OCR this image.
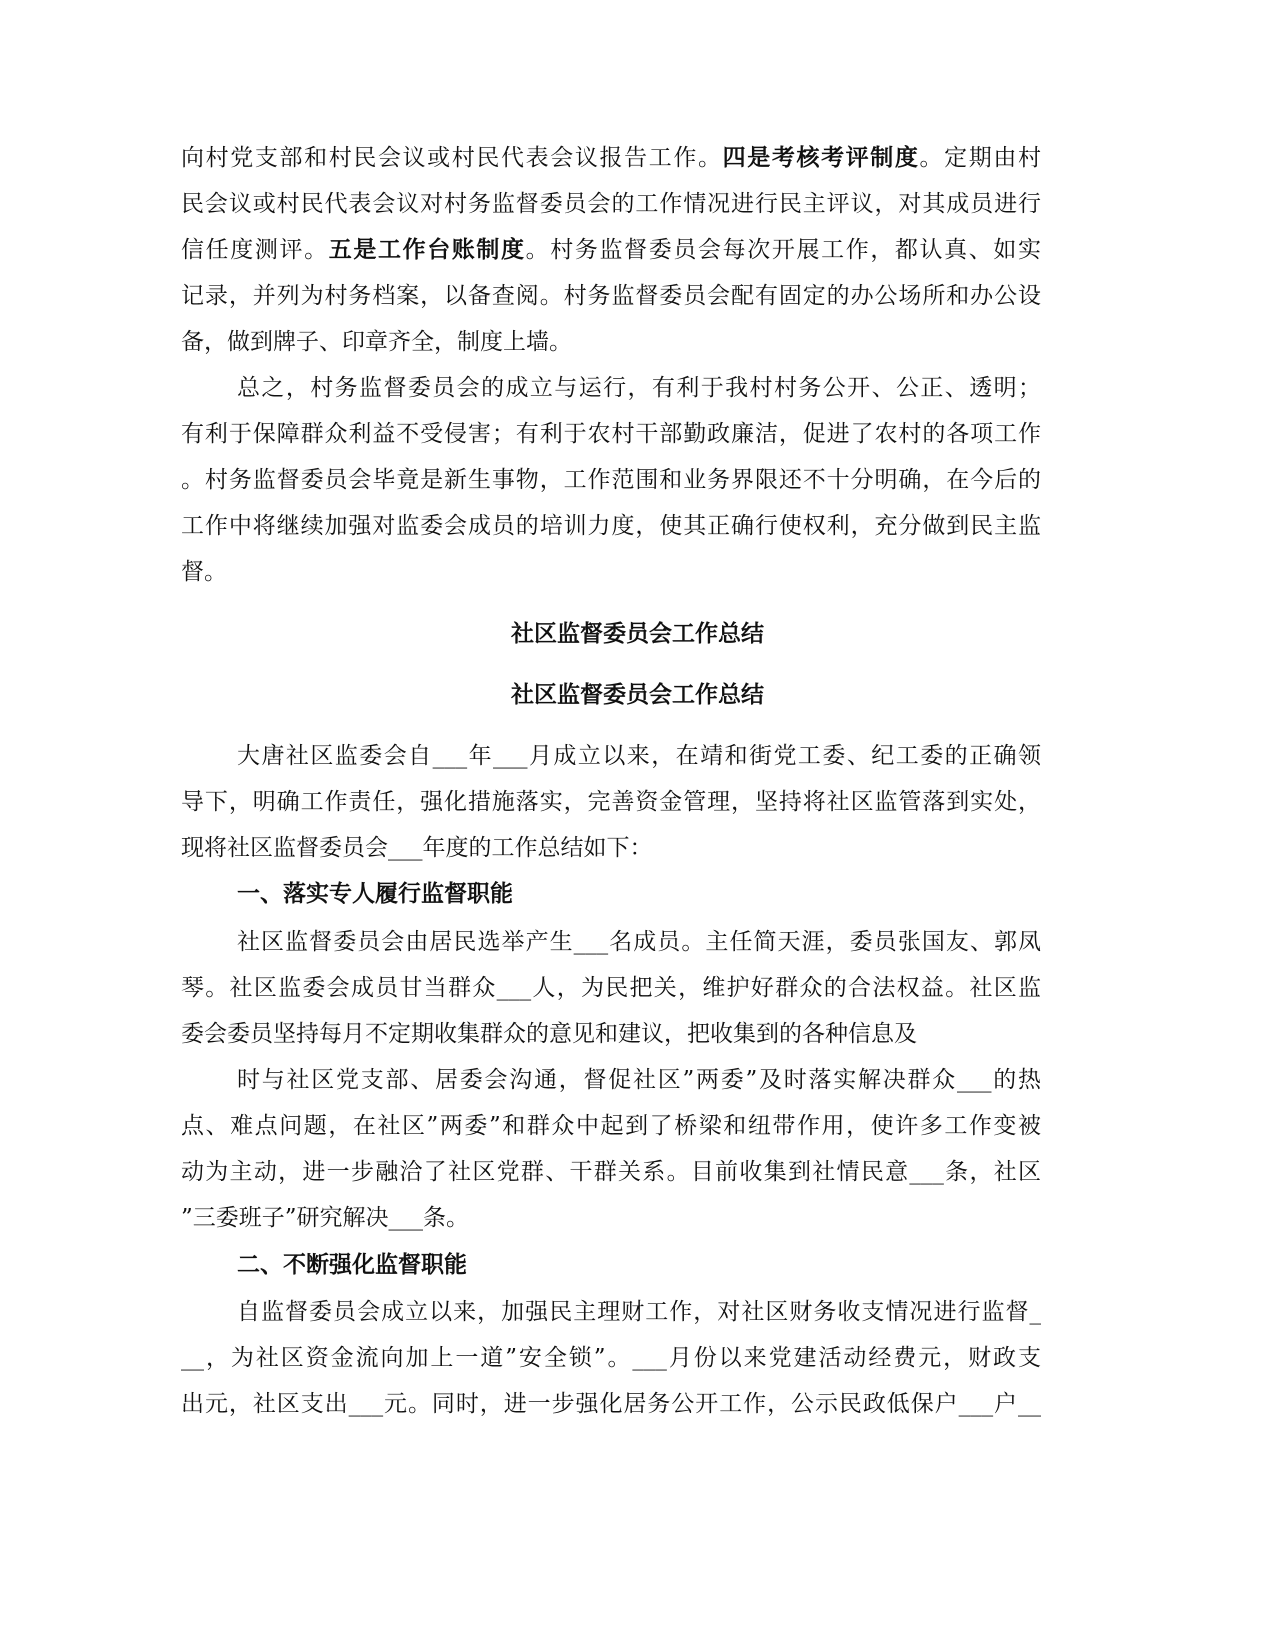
向村党支部和村民会议或村民代表会议报告工作。四是考核考评制度。定期由村

民会议或村民代表会议对村务监督委员会的工作情况进行民主评议，对其成员进行

信任度测评。五是工作台账制度。村务监督委员会每次开展工作，都认真、如实

记录，并列为村务档案，以备查阅。村务监督委员会配有固定的办公场所和办公设

备，做到牌子、印章齐全，制度上墙。

总之，村务监督委员会的成立与运行，有利于我村村务公开、公正、透明；

有利于保障群众利益不受侵害；有利于农村干部勤政廉洁，促进了农村的各项工作

。村务监督委员会毕竟是新生事物，工作范围和业务界限还不十分明确，在今后的

工作中将继续加强对监委会成员的培训力度，使其正确行使权利，充分做到民主监

督。

社区监督委员会工作总结

社区监督委员会工作总结

大唐社区监委会自___年___月成立以来，在靖和街党工委、纪工委的正确领

导下，明确工作责任，强化措施落实，完善资金管理，坚持将社区监管落到实处，

现将社区监督委员会___年度的工作总结如下：

一、落实专人履行监督职能

社区监督委员会由居民选举产生___名成员。主任简天涯，委员张国友、郭凤

琴。社区监委会成员甘当群众___人，为民把关，维护好群众的合法权益。社区监

委会委员坚持每月不定期收集群众的意见和建议，把收集到的各种信息及

时与社区党支部、居委会沟通，督促社区”两委”及时落实解决群众___的热

点、难点问题，在社区”两委”和群众中起到了桥梁和纽带作用，使许多工作变被

动为主动，进一步融洽了社区党群、干群关系。目前收集到社情民意___条，社区

”三委班子”研究解决___条。

二、不断强化监督职能

自监督委员会成立以来，加强民主理财工作，对社区财务收支情况进行监督_

__，为社区资金流向加上一道”安全锁”。___月份以来党建活动经费元，财政支

出元，社区支出___元。同时，进一步强化居务公开工作，公示民政低保户___户__
